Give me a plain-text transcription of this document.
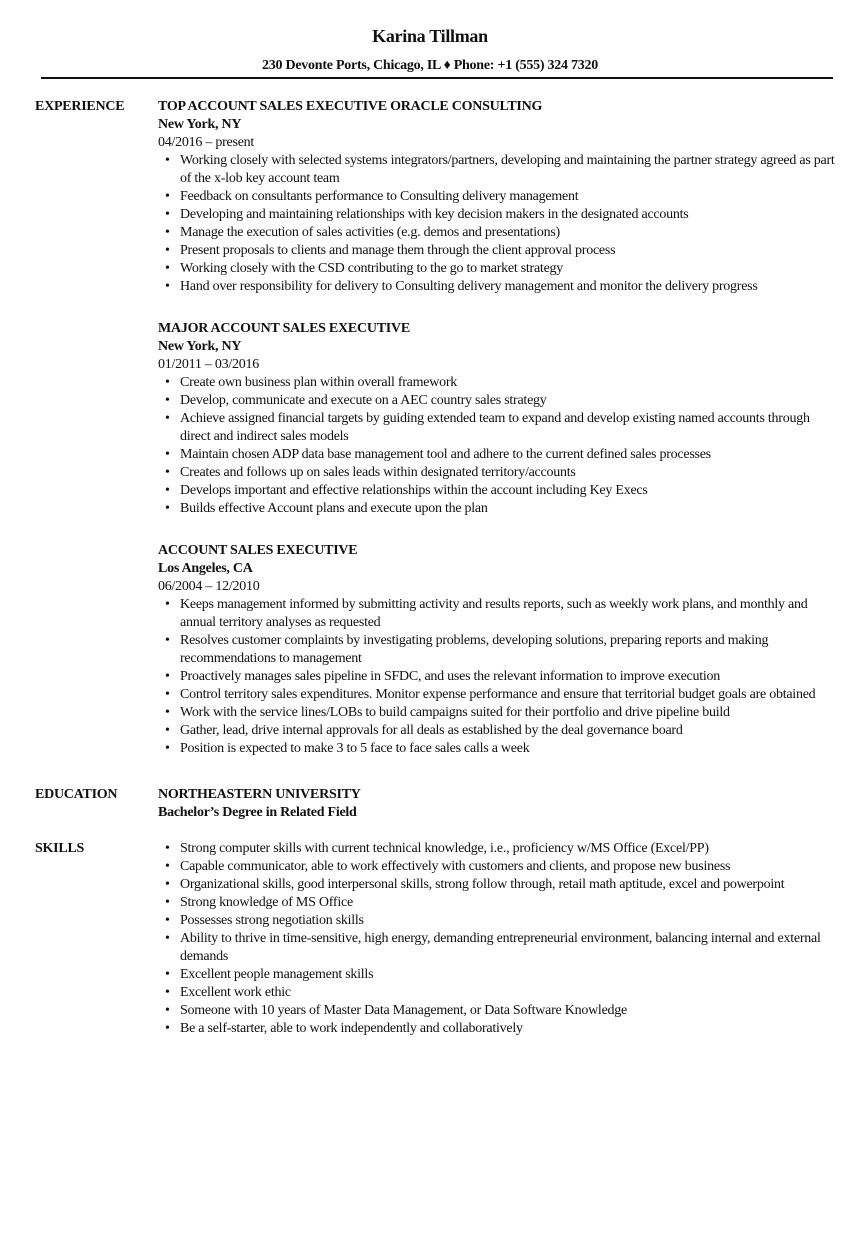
Karina Tillman
230 Devonte Ports, Chicago, IL ♦ Phone: +1 (555) 324 7320
EXPERIENCE	TOP ACCOUNT SALES EXECUTIVE ORACLE CONSULTING
New York, NY
04/2016 – present
• Working closely with selected systems integrators/partners, developing and maintaining the partner strategy agreed as part of the x-lob key account team
• Feedback on consultants performance to Consulting delivery management
• Developing and maintaining relationships with key decision makers in the designated accounts
• Manage the execution of sales activities (e.g. demos and presentations)
• Present proposals to clients and manage them through the client approval process
• Working closely with the CSD contributing to the go to market strategy
• Hand over responsibility for delivery to Consulting delivery management and monitor the delivery progress
MAJOR ACCOUNT SALES EXECUTIVE
New York, NY
01/2011 – 03/2016
• Create own business plan within overall framework
• Develop, communicate and execute on a AEC country sales strategy
• Achieve assigned financial targets by guiding extended team to expand and develop existing named accounts through direct and indirect sales models
• Maintain chosen ADP data base management tool and adhere to the current defined sales processes
• Creates and follows up on sales leads within designated territory/accounts
• Develops important and effective relationships within the account including Key Execs
• Builds effective Account plans and execute upon the plan
ACCOUNT SALES EXECUTIVE
Los Angeles, CA
06/2004 – 12/2010
• Keeps management informed by submitting activity and results reports, such as weekly work plans, and monthly and annual territory analyses as requested
• Resolves customer complaints by investigating problems, developing solutions, preparing reports and making recommendations to management
• Proactively manages sales pipeline in SFDC, and uses the relevant information to improve execution
• Control territory sales expenditures. Monitor expense performance and ensure that territorial budget goals are obtained
• Work with the service lines/LOBs to build campaigns suited for their portfolio and drive pipeline build
• Gather, lead, drive internal approvals for all deals as established by the deal governance board
• Position is expected to make 3 to 5 face to face sales calls a week
EDUCATION	NORTHEASTERN UNIVERSITY
Bachelor’s Degree in Related Field
SKILLS	• Strong computer skills with current technical knowledge, i.e., proficiency w/MS Office (Excel/PP)
• Capable communicator, able to work effectively with customers and clients, and propose new business
• Organizational skills, good interpersonal skills, strong follow through, retail math aptitude, excel and powerpoint
• Strong knowledge of MS Office
• Possesses strong negotiation skills
• Ability to thrive in time-sensitive, high energy, demanding entrepreneurial environment, balancing internal and external demands
• Excellent people management skills
• Excellent work ethic
• Someone with 10 years of Master Data Management, or Data Software Knowledge
• Be a self-starter, able to work independently and collaboratively
